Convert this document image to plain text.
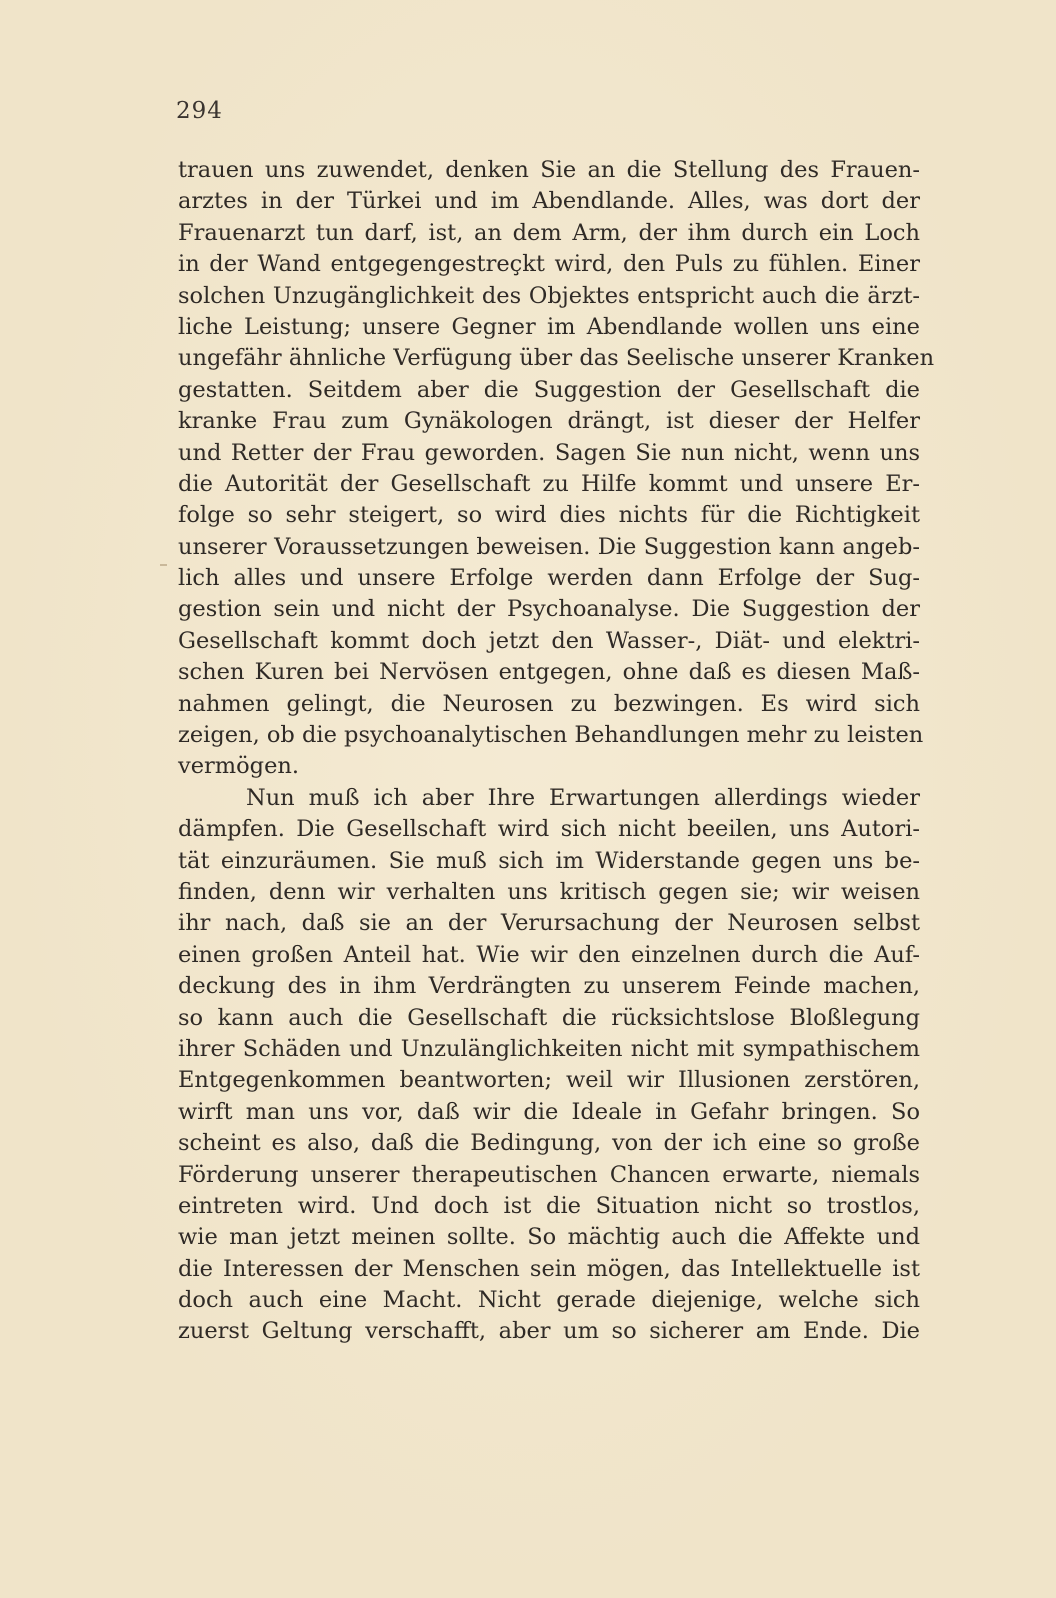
294

trauen uns zuwendet, denken Sie an die Stellung des Frauen-
arztes in der Türkei und im Abendlande. Alles, was dort der
Frauenarzt tun darf, ist, an dem Arm, der ihm durch ein Loch
in der Wand entgegengestreçkt wird, den Puls zu fühlen. Einer
solchen Unzugänglichkeit des Objektes entspricht auch die ärzt-
liche Leistung; unsere Gegner im Abendlande wollen uns eine
ungefähr ähnliche Verfügung über das Seelische unserer Kranken
gestatten. Seitdem aber die Suggestion der Gesellschaft die
kranke Frau zum Gynäkologen drängt, ist dieser der Helfer
und Retter der Frau geworden. Sagen Sie nun nicht, wenn uns
die Autorität der Gesellschaft zu Hilfe kommt und unsere Er-
folge so sehr steigert, so wird dies nichts für die Richtigkeit
unserer Voraussetzungen beweisen. Die Suggestion kann angeb-
lich alles und unsere Erfolge werden dann Erfolge der Sug-
gestion sein und nicht der Psychoanalyse. Die Suggestion der
Gesellschaft kommt doch jetzt den Wasser-, Diät- und elektri-
schen Kuren bei Nervösen entgegen, ohne daß es diesen Maß-
nahmen gelingt, die Neurosen zu bezwingen. Es wird sich
zeigen, ob die psychoanalytischen Behandlungen mehr zu leisten
vermögen.
Nun muß ich aber Ihre Erwartungen allerdings wieder
dämpfen. Die Gesellschaft wird sich nicht beeilen, uns Autori-
tät einzuräumen. Sie muß sich im Widerstande gegen uns be-
finden, denn wir verhalten uns kritisch gegen sie; wir weisen
ihr nach, daß sie an der Verursachung der Neurosen selbst
einen großen Anteil hat. Wie wir den einzelnen durch die Auf-
deckung des in ihm Verdrängten zu unserem Feinde machen,
so kann auch die Gesellschaft die rücksichtslose Bloßlegung
ihrer Schäden und Unzulänglichkeiten nicht mit sympathischem
Entgegenkommen beantworten; weil wir Illusionen zerstören,
wirft man uns vor, daß wir die Ideale in Gefahr bringen. So
scheint es also, daß die Bedingung, von der ich eine so große
Förderung unserer therapeutischen Chancen erwarte, niemals
eintreten wird. Und doch ist die Situation nicht so trostlos,
wie man jetzt meinen sollte. So mächtig auch die Affekte und
die Interessen der Menschen sein mögen, das Intellektuelle ist
doch auch eine Macht. Nicht gerade diejenige, welche sich
zuerst Geltung verschafft, aber um so sicherer am Ende. Die
